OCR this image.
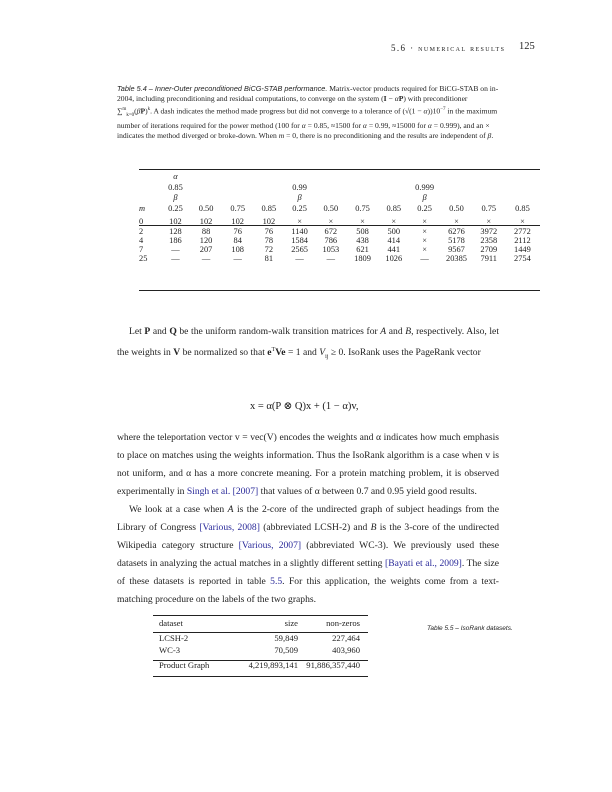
5.6 · numerical results 125
Table 5.4 – Inner-Outer preconditioned BiCG-STAB performance. Matrix-vector products required for BiCG-STAB on in-2004, including preconditioning and residual computations, to converge on the system (I − αP) with preconditioner $\sum^m_{k=0}(\beta P)^k$. A dash indicates the method made progress but did not converge to a tolerance of $(√(1 - \alpha))10^{-7}$ in the maximum number of iterations required for the power method (100 for α = 0.85, ≈1500 for α = 0.99, ≈15000 for α = 0.999), and an × indicates the method diverged or broke-down. When m = 0, there is no preconditioning and the results are independent of β.
	α											
	0.85				0.99				0.999			
	β				β				β			
m	0.25	0.50	0.75	0.85	0.25	0.50	0.75	0.85	0.25	0.50	0.75	0.85

0	102	102	102	102	×	×	×	×	×	×	×	×
2	128	88	76	76	1140	672	508	500	×	6276	3972	2772
4	186	120	84	78	1584	786	438	414	×	5178	2358	2112
7	—	207	108	72	2565	1053	621	441	×	9567	2709	1449
25	—	—	—	81	—	—	1809	1026	—	20385	7911	2754

Let P and Q be the uniform random-walk transition matrices for A and B, respectively. Also, let the weights in V be normalized so that $e^TVe = 1$ and $V_{ij} \ge 0$. IsoRank uses the PageRank vector

x = α(P ⊗ Q)x + (1 − α)v,

where the teleportation vector v = vec(V) encodes the weights and α indicates how much emphasis to place on matches using the weights information. Thus the IsoRank algorithm is a case when v is not uniform, and α has a more concrete meaning. For a protein matching problem, it is observed experimentally in Singh et al. [2007] that values of α between 0.7 and 0.95 yield good results.

We look at a case when A is the 2-core of the undirected graph of subject headings from the Library of Congress [Various, 2008] (abbreviated LCSH-2) and B is the 3-core of the undirected Wikipedia category structure [Various, 2007] (abbreviated WC-3). We previously used these datasets in analyzing the actual matches in a slightly different setting [Bayati et al., 2009]. The size of these datasets is reported in table 5.5. For this application, the weights come from a text-matching procedure on the labels of the two graphs.

dataset	size	non-zeros

LCSH-2	59,849	227,464
WC-3	70,509	403,960

Product Graph	4,219,893,141	91,886,357,440
Table 5.5 – IsoRank datasets.
